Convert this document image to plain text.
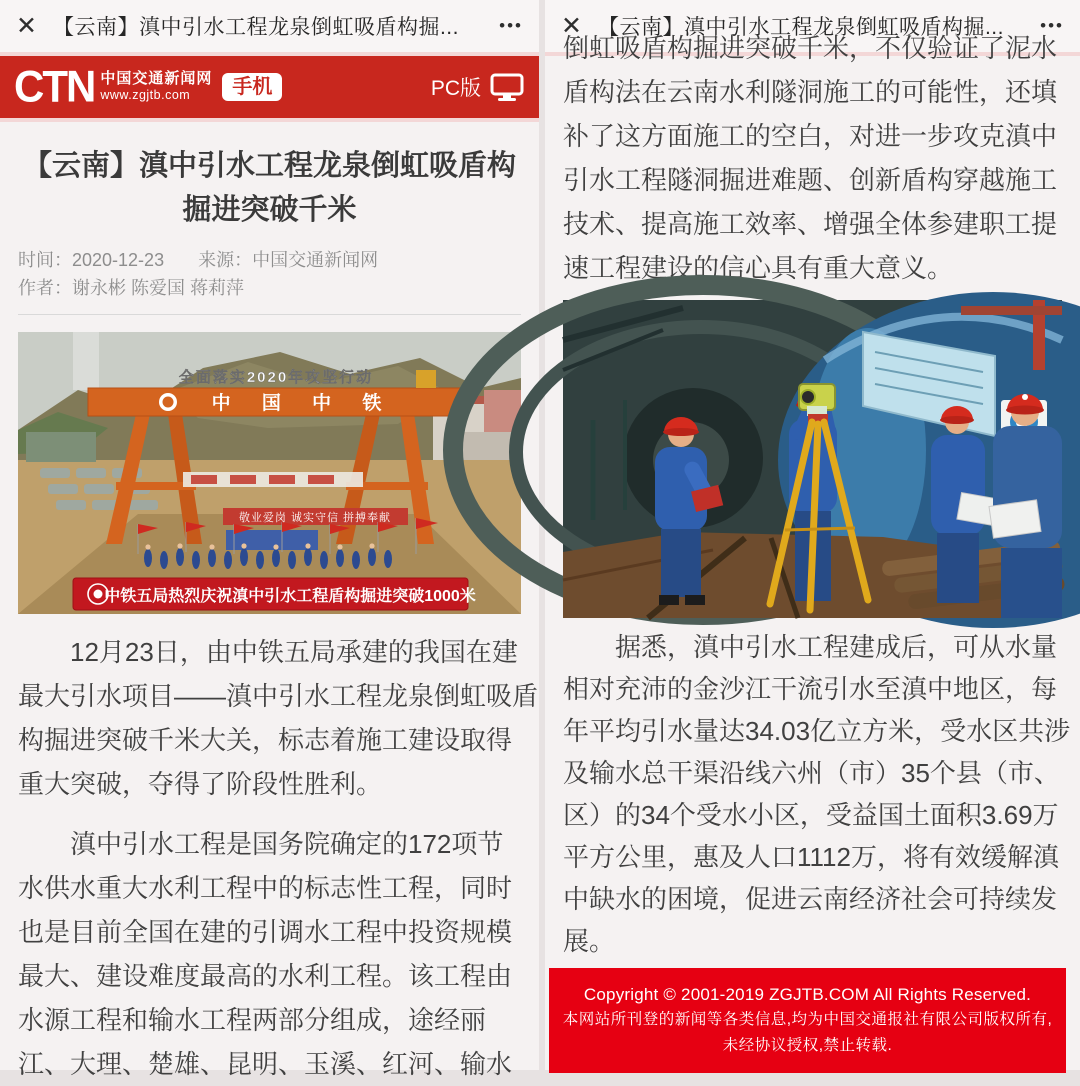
✕ 【云南】滇中引水工程龙泉倒虹吸盾构掘...	•••
CTN 中国交通新闻网
www.zgjtb.com	手机	PC版
【云南】滇中引水工程龙泉倒虹吸盾构
掘进突破千米
时间：2020-12-23 来源：中国交通新闻网
作者：谢永彬 陈爱国 蒋莉萍
中 国 中 铁
全面落实2020年攻坚行动
敬业爱岗 诚实守信 拼搏奉献
中铁五局热烈庆祝滇中引水工程盾构掘进突破1000米
　　12月23日，由中铁五局承建的我国在建
最大引水项目——滇中引水工程龙泉倒虹吸盾
构掘进突破千米大关，标志着施工建设取得
重大突破，夺得了阶段性胜利。
　　滇中引水工程是国务院确定的172项节
水供水重大水利工程中的标志性工程，同时
也是目前全国在建的引调水工程中投资规模
最大、建设难度最高的水利工程。该工程由
水源工程和输水工程两部分组成，途经丽
江、大理、楚雄、昆明、玉溪、红河、输水
✕ 【云南】滇中引水工程龙泉倒虹吸盾构掘...	•••
倒虹吸盾构掘进突破千米，不仅验证了泥水
盾构法在云南水利隧洞施工的可能性，还填
补了这方面施工的空白，对进一步攻克滇中
引水工程隧洞掘进难题、创新盾构穿越施工
技术、提高施工效率、增强全体参建职工提
速工程建设的信心具有重大意义。
　　据悉，滇中引水工程建成后，可从水量
相对充沛的金沙江干流引水至滇中地区，每
年平均引水量达34.03亿立方米，受水区共涉
及输水总干渠沿线六州（市）35个县（市、
区）的34个受水小区，受益国土面积3.69万
平方公里，惠及人口1112万，将有效缓解滇
中缺水的困境，促进云南经济社会可持续发
展。
Copyright © 2001-2019 ZGJTB.COM All Rights Reserved.
本网站所刊登的新闻等各类信息,均为中国交通报社有限公司版权所有,
未经协议授权,禁止转载.
